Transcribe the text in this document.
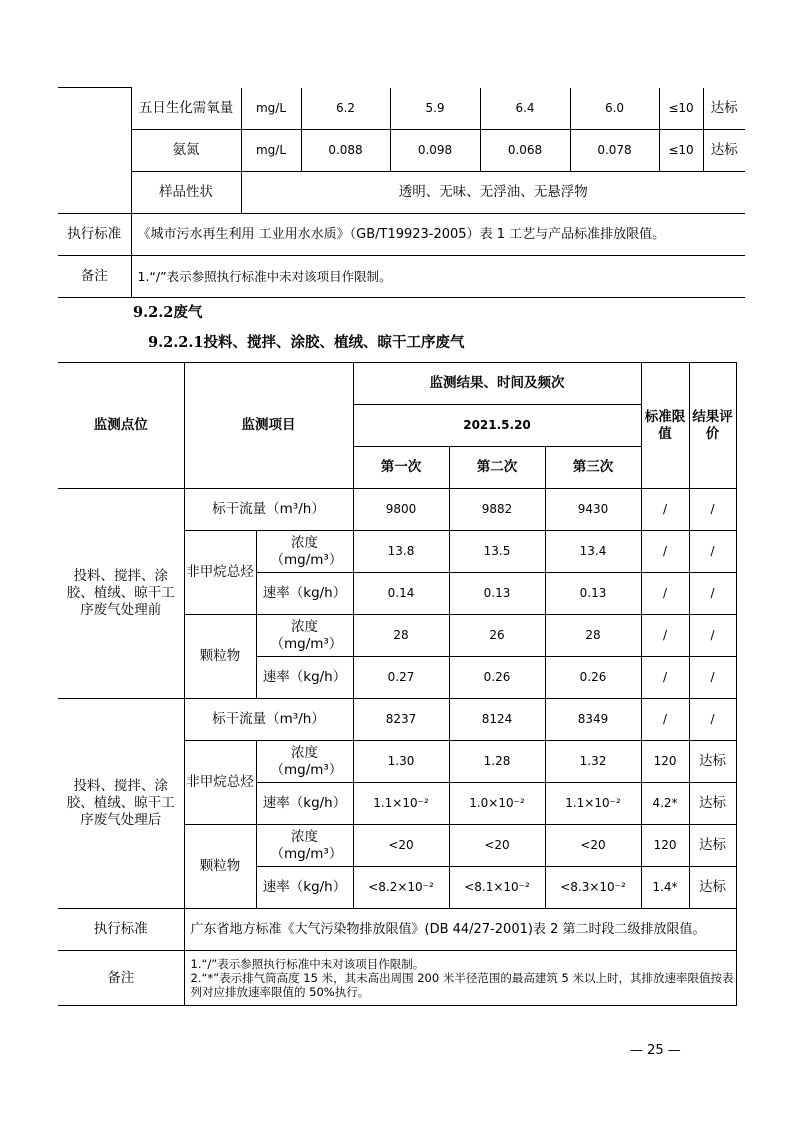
	五日生化需氧量	mg/L	6.2	5.9	6.4	6.0	≤10	达标
	氨氮	mg/L	0.088	0.098	0.068	0.078	≤10	达标
	样品性状	透明、无味、无浮油、无悬浮物						
执行标准	《城市污水再生利用 工业用水水质》（GB/T19923-2005）表 1 工艺与产品标准排放限值。							
备注	1.“/”表示参照执行标准中未对该项目作限制。							
9.2.2废气
9.2.2.1投料、搅拌、涂胶、植绒、晾干工序废气
监测点位	监测项目		监测结果、时间及频次			标准限值	结果评价
			2021.5.20				
			第一次	第二次	第三次		
投料、搅拌、涂胶、植绒、晾干工序废气处理前	标干流量（m³/h）		9800	9882	9430	/	/
	非甲烷总烃	浓度（mg/m³）	13.8	13.5	13.4	/	/
		速率（kg/h）	0.14	0.13	0.13	/	/
	颗粒物	浓度（mg/m³）	28	26	28	/	/
		速率（kg/h）	0.27	0.26	0.26	/	/
投料、搅拌、涂胶、植绒、晾干工序废气处理后	标干流量（m³/h）		8237	8124	8349	/	/
	非甲烷总烃	浓度（mg/m³）	1.30	1.28	1.32	120	达标
		速率（kg/h）	1.1×10⁻²	1.0×10⁻²	1.1×10⁻²	4.2*	达标
	颗粒物	浓度（mg/m³）	<20	<20	<20	120	达标
		速率（kg/h）	<8.2×10⁻²	<8.1×10⁻²	<8.3×10⁻²	1.4*	达标
执行标准	广东省地方标准《大气污染物排放限值》(DB 44/27-2001)表 2 第二时段二级排放限值。						
备注	1.“/”表示参照执行标准中未对该项目作限制。
2.“*”表示排气筒高度 15 米，其未高出周围 200 米半径范围的最高建筑 5 米以上时，其排放速率限值按表列对应排放速率限值的 50%执行。						
— 25 —
